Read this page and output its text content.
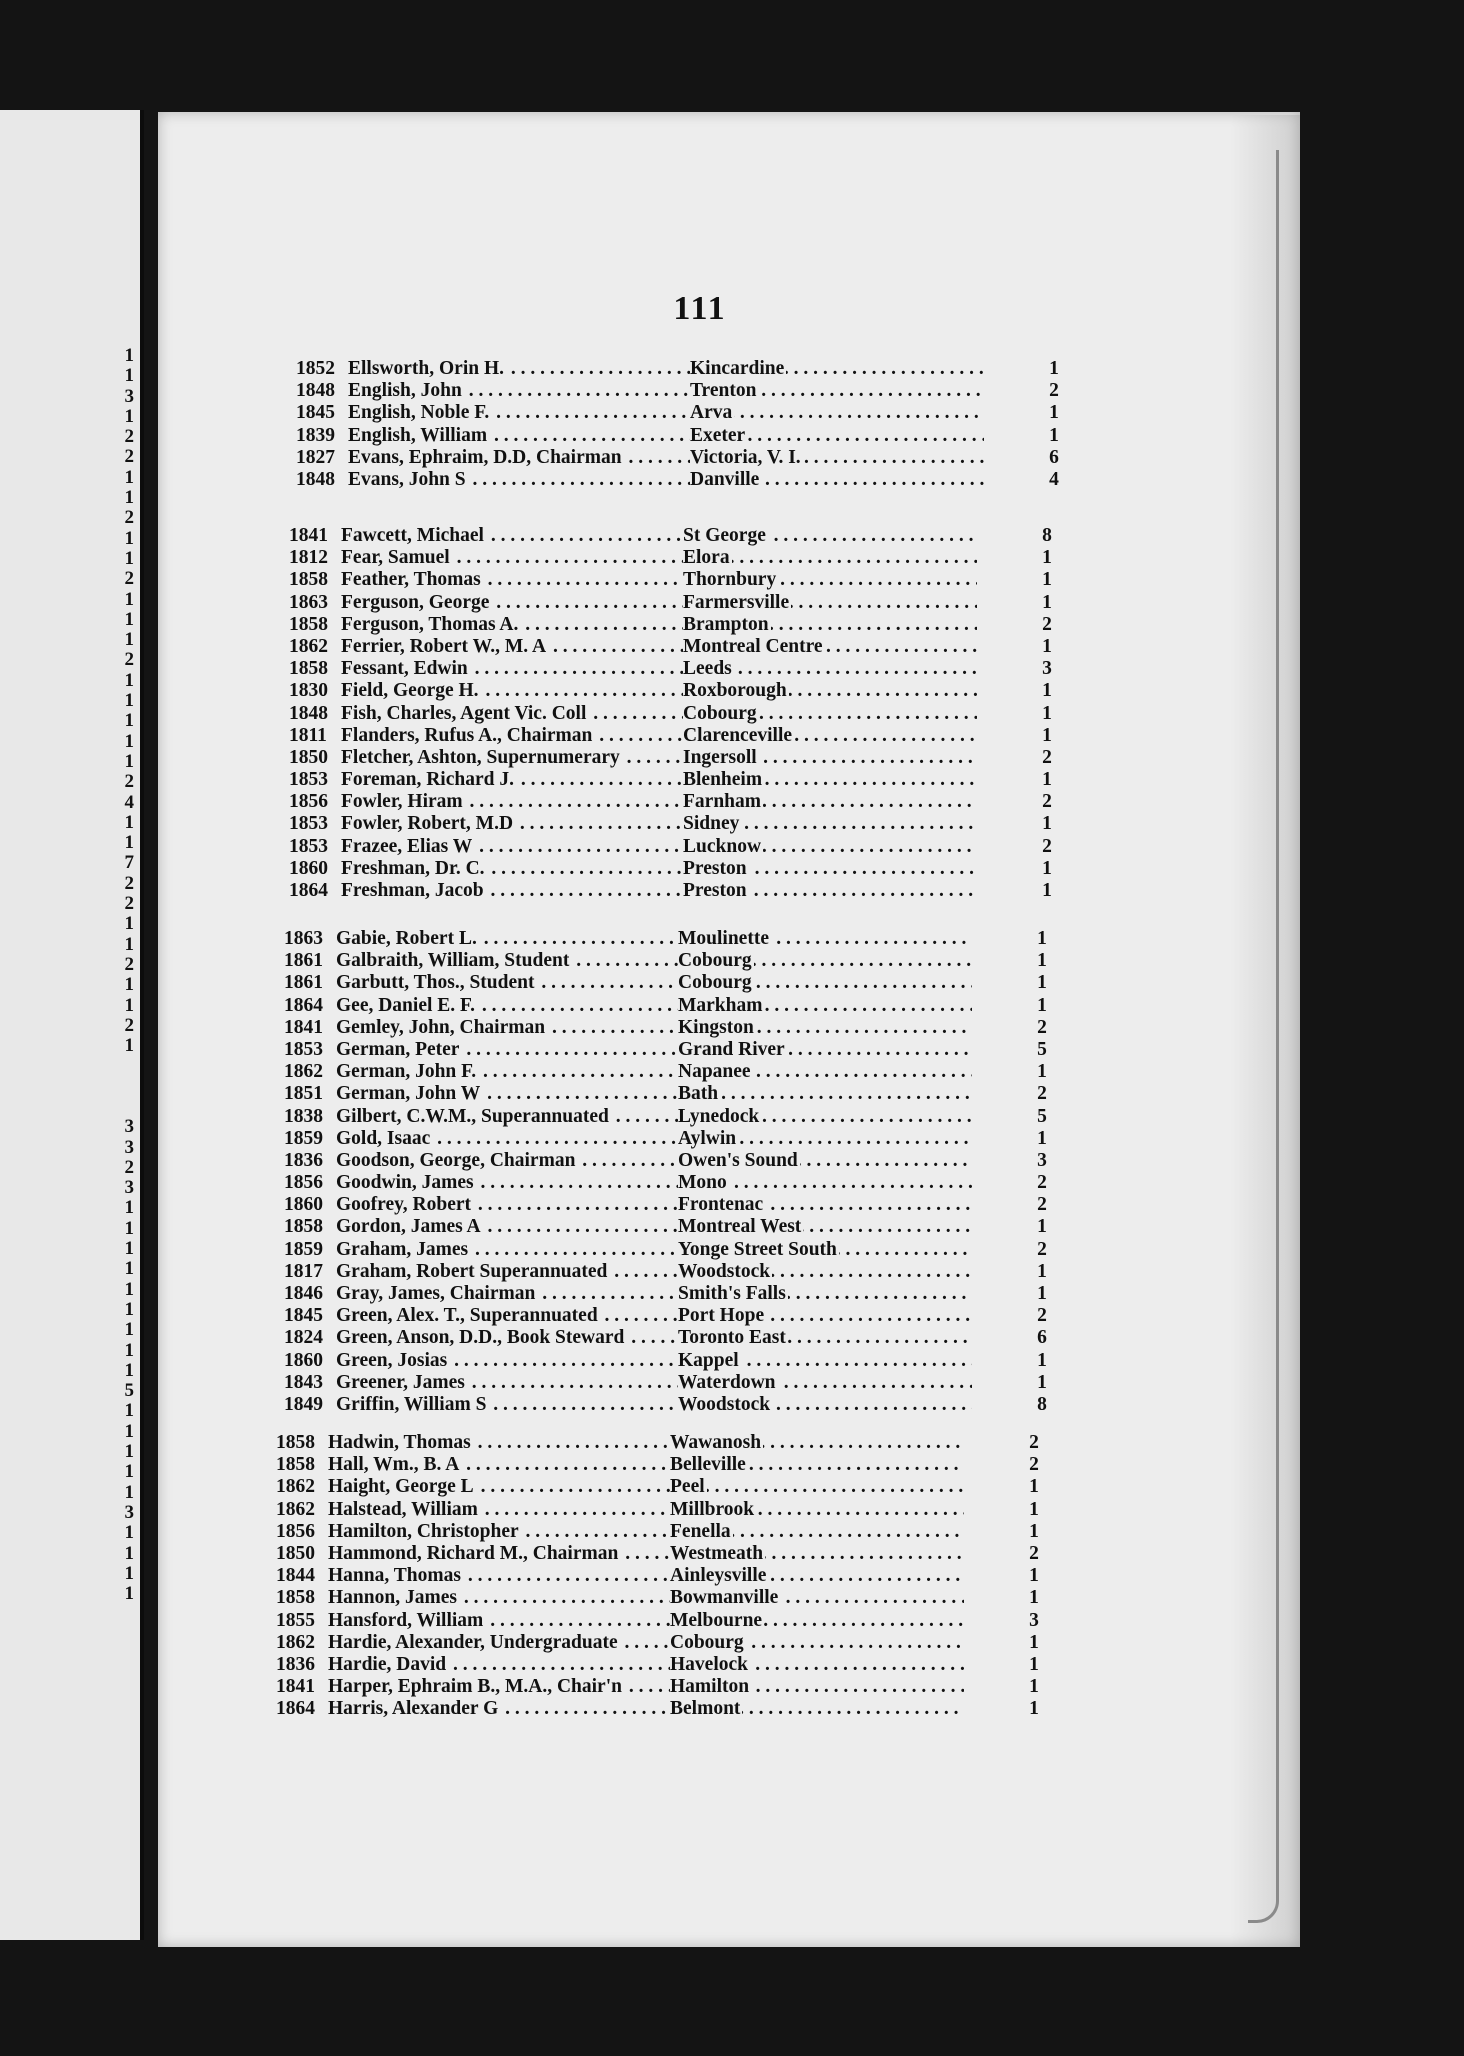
1
1
3
1
2
2
1
1
2
1
1
2
1
1
1
2
1
1
1
1
1
2
4
1
1
7
2
2
1
1
2
1
1
2
1
3
3
2
3
1
1
1
1
1
1
1
1
1
5
1
1
1
1
1
3
1
1
1
1
111
1852 Ellsworth, Orin H. . . .	Kincardine	1
1848 English, John . . .	Trenton	2
1845 English, Noble F. . . .	Arva	1
1839 English, William . . .	Exeter	1
1827 Evans, Ephraim, D.D, Chairman . . .	Victoria, V. I.	6
1848 Evans, John S . . .	Danville	4
1841 Fawcett, Michael . . .	St George	8
1812 Fear, Samuel . . .	Elora	1
1858 Feather, Thomas . . .	Thornbury	1
1863 Ferguson, George . . .	Farmersville	1
1858 Ferguson, Thomas A. . . .	Brampton	2
1862 Ferrier, Robert W., M. A . . .	Montreal Centre	1
1858 Fessant, Edwin . . .	Leeds	3
1830 Field, George H. . . .	Roxborough	1
1848 Fish, Charles, Agent Vic. Coll . . .	Cobourg	1
1811 Flanders, Rufus A., Chairman . . .	Clarenceville	1
1850 Fletcher, Ashton, Supernumerary . . .	Ingersoll	2
1853 Foreman, Richard J. . . .	Blenheim	1
1856 Fowler, Hiram . . .	Farnham	2
1853 Fowler, Robert, M.D . . .	Sidney	1
1853 Frazee, Elias W . . .	Lucknow	2
1860 Freshman, Dr. C. . . .	Preston	1
1864 Freshman, Jacob . . .	Preston	1
1863 Gabie, Robert L. . . .	Moulinette	1
1861 Galbraith, William, Student . . .	Cobourg	1
1861 Garbutt, Thos., Student . . .	Cobourg	1
1864 Gee, Daniel E. F. . . .	Markham	1
1841 Gemley, John, Chairman . . .	Kingston	2
1853 German, Peter . . .	Grand River	5
1862 German, John F. . . .	Napanee	1
1851 German, John W . . .	Bath	2
1838 Gilbert, C.W.M., Superannuated . . .	Lynedock	5
1859 Gold, Isaac . . .	Aylwin	1
1836 Goodson, George, Chairman . . .	Owen's Sound	3
1856 Goodwin, James . . .	Mono	2
1860 Goofrey, Robert . . .	Frontenac	2
1858 Gordon, James A . . .	Montreal West	1
1859 Graham, James . . .	Yonge Street South	2
1817 Graham, Robert Superannuated . . .	Woodstock	1
1846 Gray, James, Chairman . . .	Smith's Falls	1
1845 Green, Alex. T., Superannuated . . .	Port Hope	2
1824 Green, Anson, D.D., Book Steward . . .	Toronto East	6
1860 Green, Josias . . .	Kappel	1
1843 Greener, James . . .	Waterdown	1
1849 Griffin, William S . . .	Woodstock	8
1858 Hadwin, Thomas . . .	Wawanosh	2
1858 Hall, Wm., B. A . . .	Belleville	2
1862 Haight, George L . . .	Peel	1
1862 Halstead, William . . .	Millbrook	1
1856 Hamilton, Christopher . . .	Fenella	1
1850 Hammond, Richard M., Chairman . . .	Westmeath	2
1844 Hanna, Thomas . . .	Ainleysville	1
1858 Hannon, James . . .	Bowmanville	1
1855 Hansford, William . . .	Melbourne	3
1862 Hardie, Alexander, Undergraduate . . .	Cobourg	1
1836 Hardie, David . . .	Havelock	1
1841 Harper, Ephraim B., M.A., Chair'n . . .	Hamilton	1
1864 Harris, Alexander G . . .	Belmont	1
